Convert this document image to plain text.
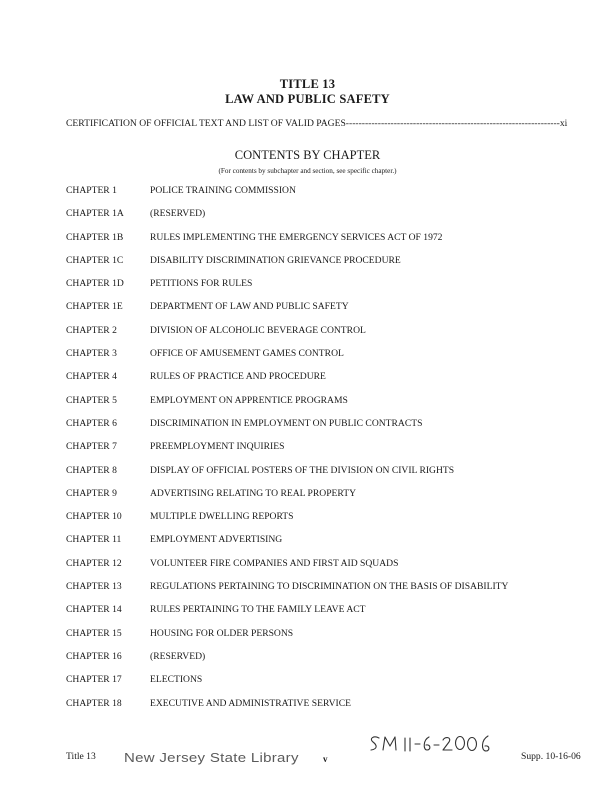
TITLE 13
LAW AND PUBLIC SAFETY
CERTIFICATION OF OFFICIAL TEXT AND LIST OF VALID PAGES-------------------------------------------------------------------xi
CONTENTS BY CHAPTER
(For contents by subchapter and section, see specific chapter.)
CHAPTER 1	POLICE TRAINING COMMISSION
CHAPTER 1A	(RESERVED)
CHAPTER 1B	RULES IMPLEMENTING THE EMERGENCY SERVICES ACT OF 1972
CHAPTER 1C	DISABILITY DISCRIMINATION GRIEVANCE PROCEDURE
CHAPTER 1D	PETITIONS FOR RULES
CHAPTER 1E	DEPARTMENT OF LAW AND PUBLIC SAFETY
CHAPTER 2	DIVISION OF ALCOHOLIC BEVERAGE CONTROL
CHAPTER 3	OFFICE OF AMUSEMENT GAMES CONTROL
CHAPTER 4	RULES OF PRACTICE AND PROCEDURE
CHAPTER 5	EMPLOYMENT ON APPRENTICE PROGRAMS
CHAPTER 6	DISCRIMINATION IN EMPLOYMENT ON PUBLIC CONTRACTS
CHAPTER 7	PREEMPLOYMENT INQUIRIES
CHAPTER 8	DISPLAY OF OFFICIAL POSTERS OF THE DIVISION ON CIVIL RIGHTS
CHAPTER 9	ADVERTISING RELATING TO REAL PROPERTY
CHAPTER 10	MULTIPLE DWELLING REPORTS
CHAPTER 11	EMPLOYMENT ADVERTISING
CHAPTER 12	VOLUNTEER FIRE COMPANIES AND FIRST AID SQUADS
CHAPTER 13	REGULATIONS PERTAINING TO DISCRIMINATION ON THE BASIS OF DISABILITY
CHAPTER 14	RULES PERTAINING TO THE FAMILY LEAVE ACT
CHAPTER 15	HOUSING FOR OLDER PERSONS
CHAPTER 16	(RESERVED)
CHAPTER 17	ELECTIONS
CHAPTER 18	EXECUTIVE AND ADMINISTRATIVE SERVICE
Title 13 New Jersey State Library	v	Supp. 10-16-06
